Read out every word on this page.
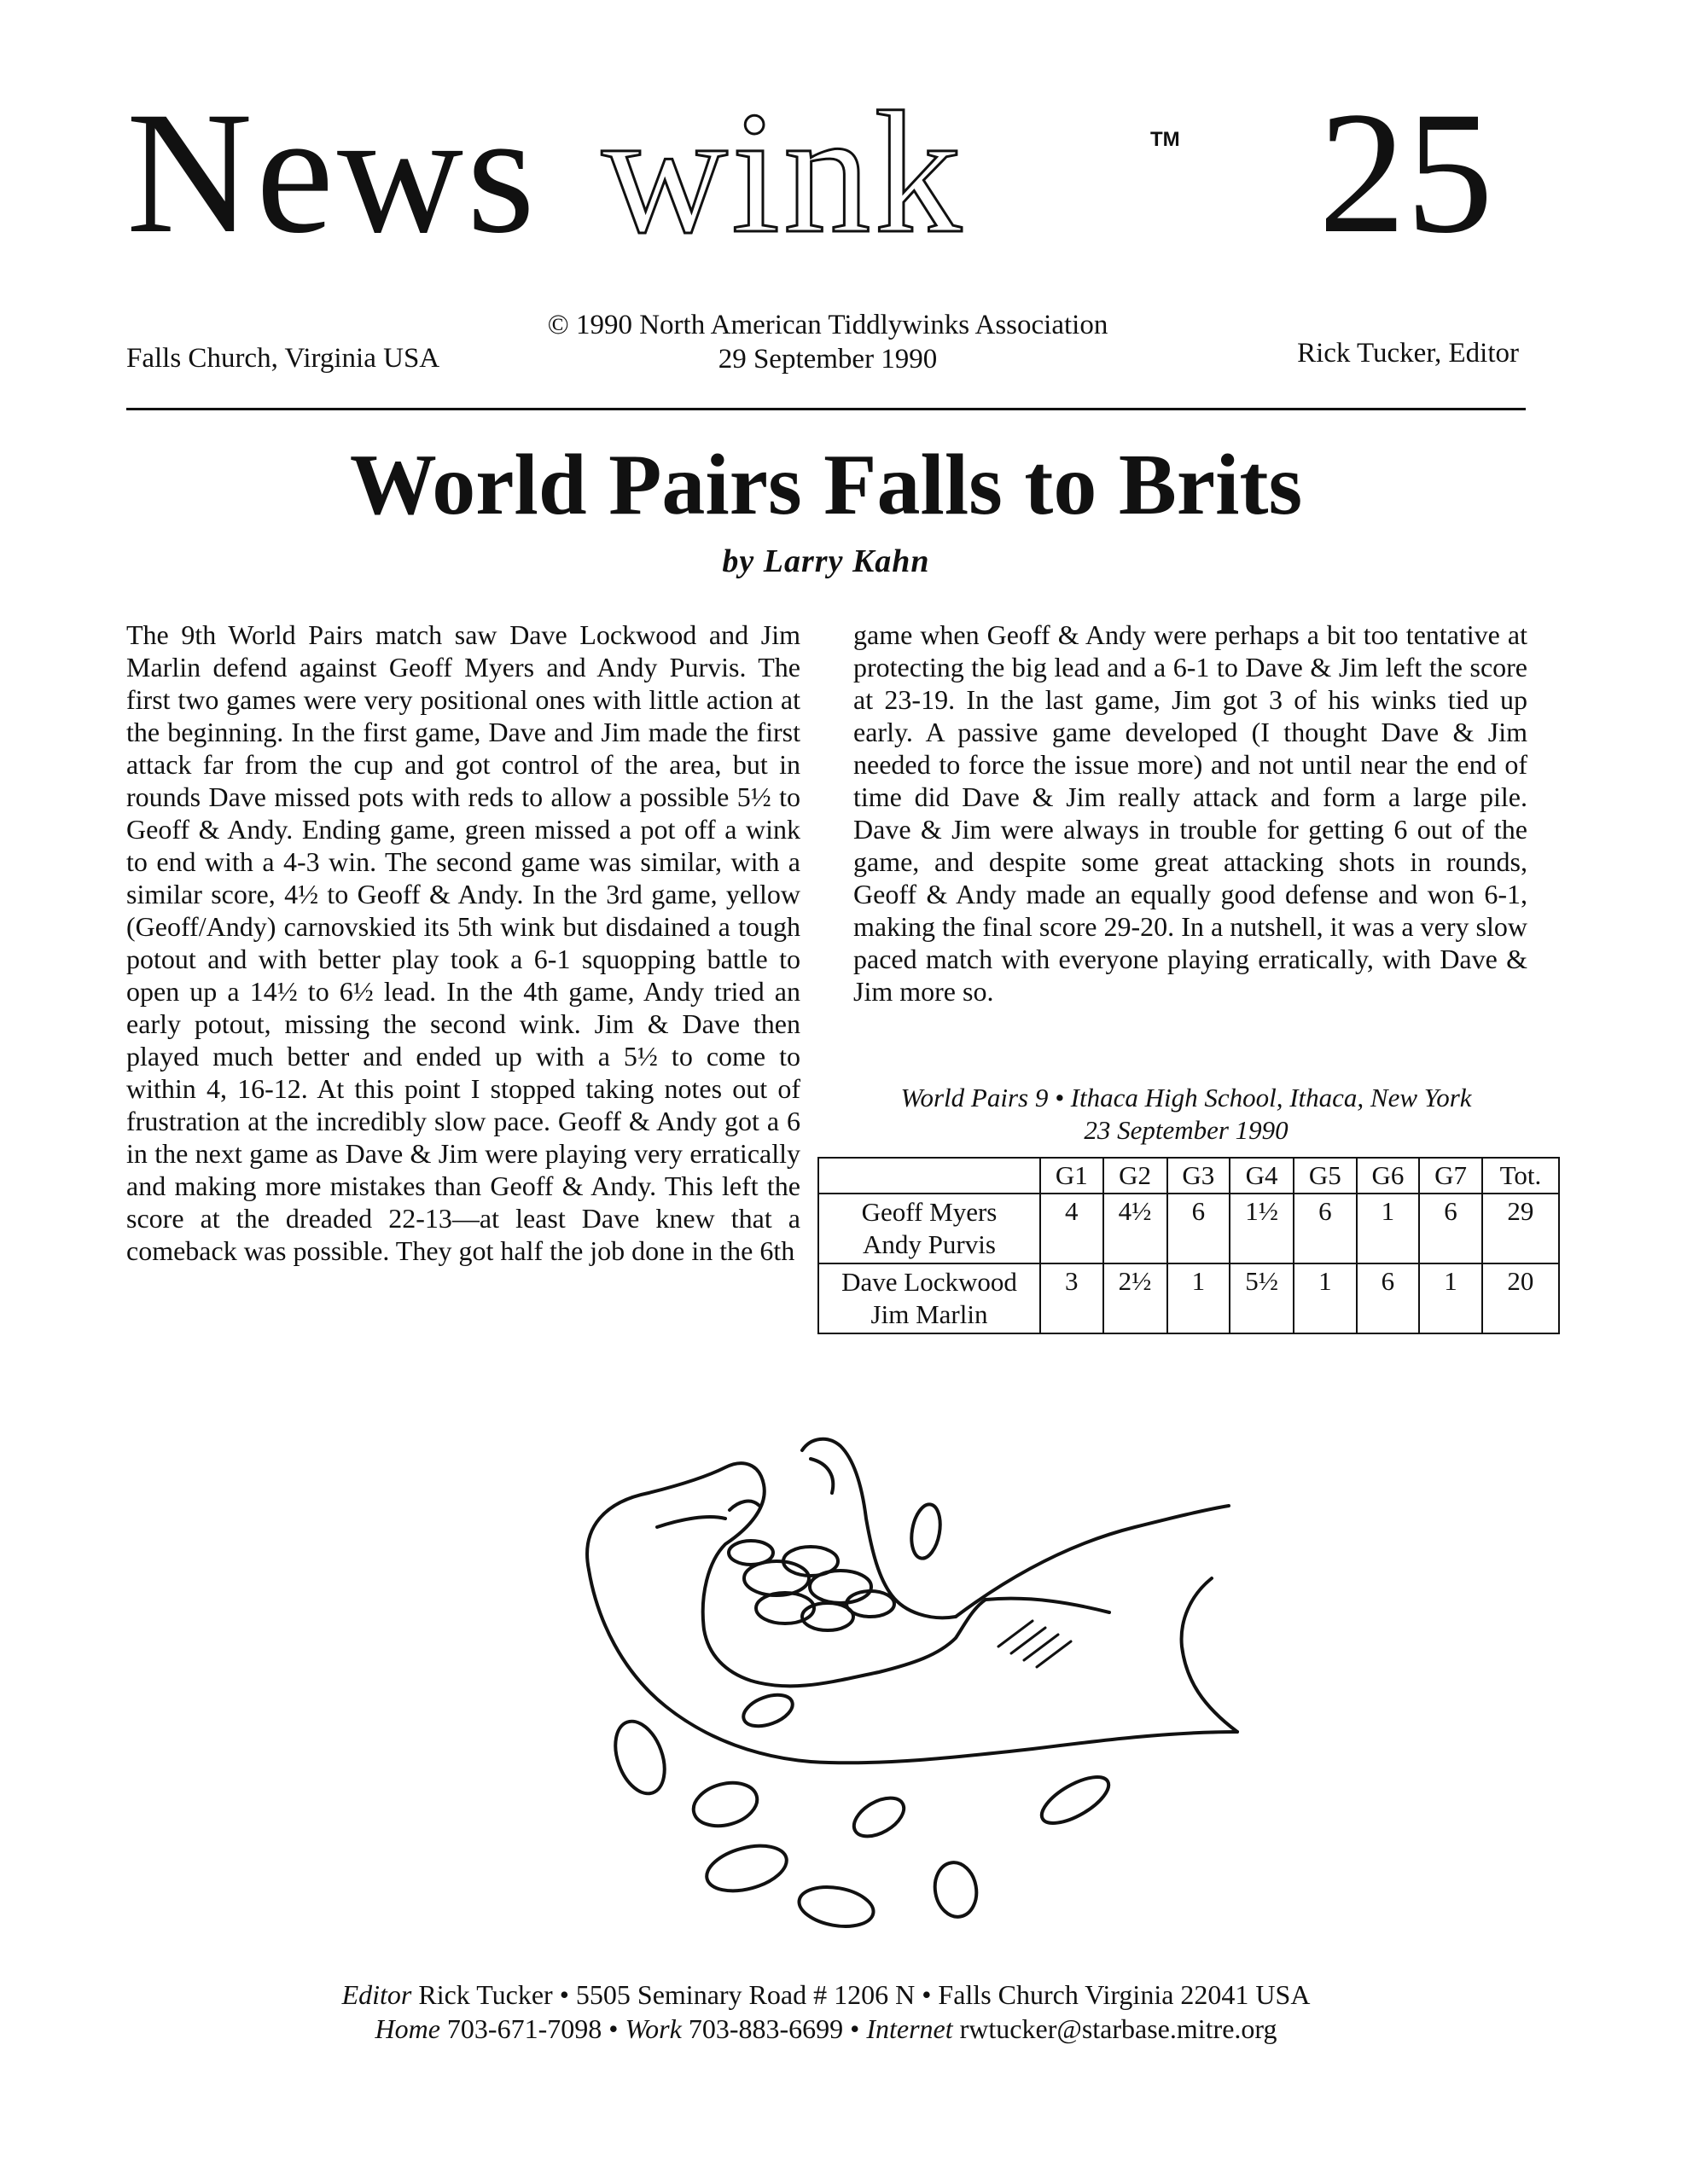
News wink	TM 25
Falls Church, Virginia USA
© 1990 North American Tiddlywinks Association
29 September 1990	Rick Tucker, Editor
World Pairs Falls to Brits
by Larry Kahn
The 9th World Pairs match saw Dave Lockwood and Jim Marlin defend against Geoff Myers and Andy Purvis. The first two games were very positional ones with little action at the beginning. In the first game, Dave and Jim made the first attack far from the cup and got control of the area, but in rounds Dave missed pots with reds to allow a possible 5½ to Geoff & Andy. Ending game, green missed a pot off a wink to end with a 4-3 win. The second game was similar, with a similar score, 4½ to Geoff & Andy. In the 3rd game, yellow (Geoff/Andy) carnovskied its 5th wink but disdained a tough potout and with better play took a 6-1 squopping battle to open up a 14½ to 6½ lead. In the 4th game, Andy tried an early potout, missing the second wink. Jim & Dave then played much better and ended up with a 5½ to come to within 4, 16-12. At this point I stopped taking notes out of frustration at the incredibly slow pace. Geoff & Andy got a 6 in the next game as Dave & Jim were playing very erratically and making more mistakes than Geoff & Andy. This left the score at the dreaded 22-13—at least Dave knew that a comeback was possible. They got half the job done in the 6th
game when Geoff & Andy were perhaps a bit too tentative at protecting the big lead and a 6-1 to Dave & Jim left the score at 23-19. In the last game, Jim got 3 of his winks tied up early. A passive game developed (I thought Dave & Jim needed to force the issue more) and not until near the end of time did Dave & Jim really attack and form a large pile. Dave & Jim were always in trouble for getting 6 out of the game, and despite some great attacking shots in rounds, Geoff & Andy made an equally good defense and won 6-1, making the final score 29-20. In a nutshell, it was a very slow paced match with everyone playing erratically, with Dave & Jim more so.
World Pairs 9 • Ithaca High School, Ithaca, New York
23 September 1990
	G1	G2	G3	G4	G5	G6	G7	Tot.

Geoff Myers
Andy Purvis	4	4½	6	1½	6	1	6	29

Dave Lockwood
Jim Marlin	3	2½	1	5½	1	6	1	20
Editor Rick Tucker • 5505 Seminary Road # 1206 N • Falls Church Virginia 22041 USA
Home 703-671-7098 • Work 703-883-6699 • Internet rwtucker@starbase.mitre.org
